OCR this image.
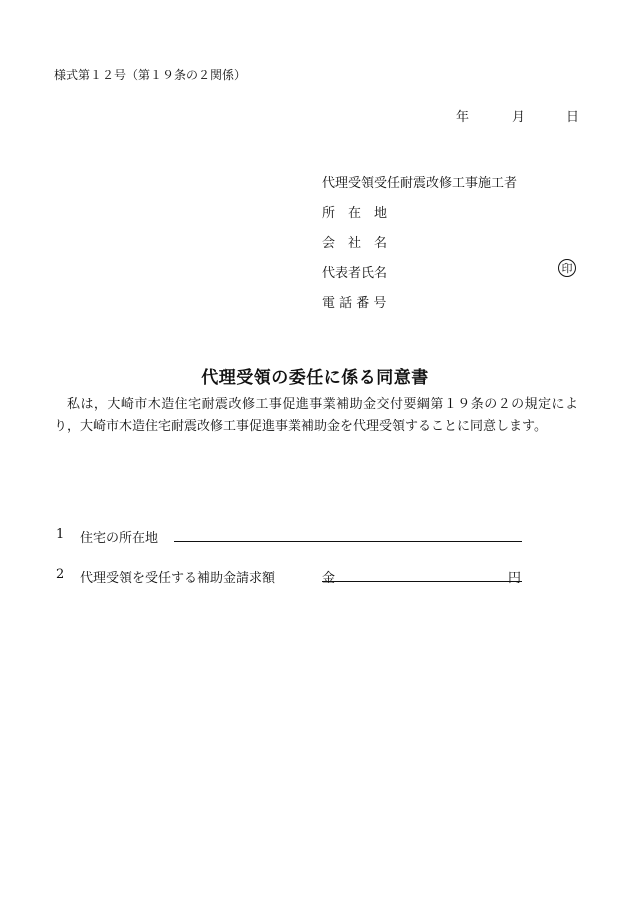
様式第１２号（第１９条の２関係）
年	月	日
代理受領受任耐震改修工事施工者
所　在　地
会　社　名
代表者氏名	印
電 話 番 号
代理受領の委任に係る同意書
私は，大崎市木造住宅耐震改修工事促進事業補助金交付要綱第１９条の２の規定により，大崎市木造住宅耐震改修工事促進事業補助金を代理受領することに同意します。
1 住宅の所在地
2 代理受領を受任する補助金請求額	金	円
